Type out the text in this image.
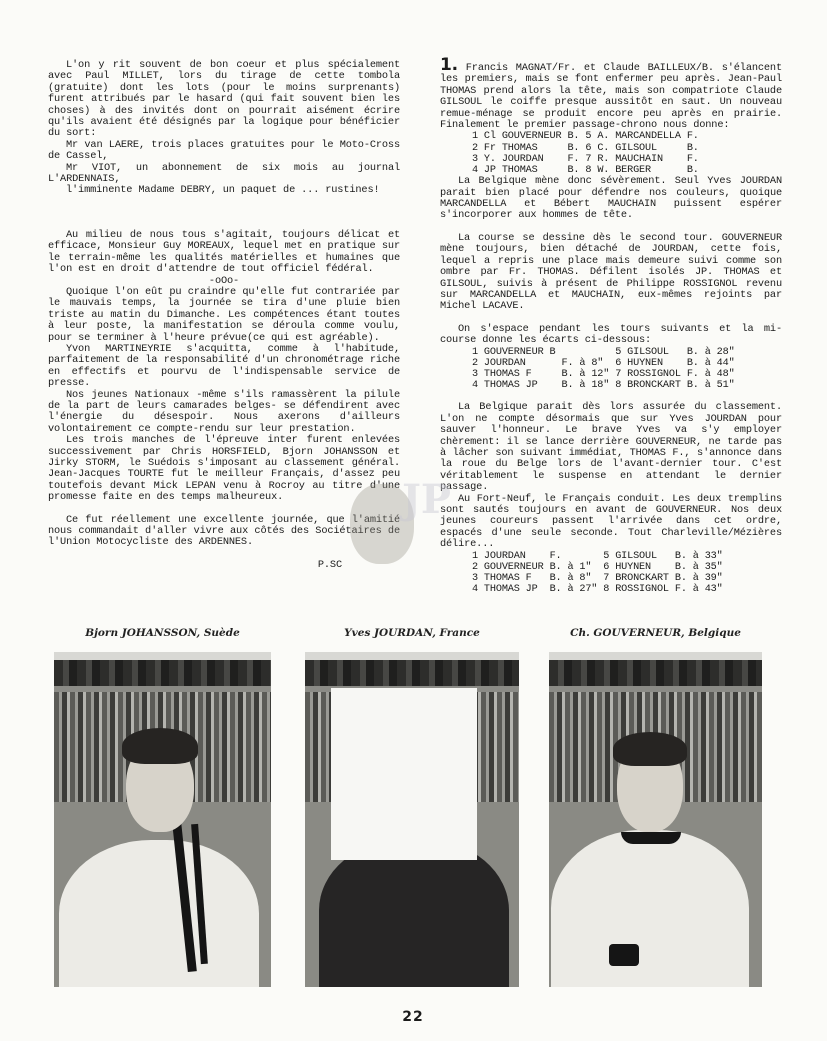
L'on y rit souvent de bon coeur et plus spécialement avec Paul MILLET, lors du tirage de cette tombola (gratuite) dont les lots (pour le moins surprenants) furent attribués par le hasard (qui fait souvent bien les choses) à des invités dont on pourrait aisément écrire qu'ils avaient été désignés par la logique pour bénéficier du sort:

Mr van LAERE, trois places gratuites pour le Moto-Cross de Cassel,

Mr VIOT, un abonnement de six mois au journal L'ARDENNAIS,

l'imminente Madame DEBRY, un paquet de ... rustines!

Au milieu de nous tous s'agitait, toujours délicat et efficace, Monsieur Guy MOREAUX, lequel met en pratique sur le terrain-même les qualités matérielles et humaines que l'on est en droit d'attendre de tout officiel fédéral.

-oOo-

Quoique l'on eût pu craindre qu'elle fut contrariée par le mauvais temps, la journée se tira d'une pluie bien triste au matin du Dimanche. Les compétences étant toutes à leur poste, la manifestation se déroula comme voulu, pour se terminer à l'heure prévue(ce qui est agréable).

Yvon MARTINEYRIE s'acquitta, comme à l'habitude, parfaitement de la responsabilité d'un chronométrage riche en effectifs et pourvu de l'indispensable service de presse.

Nos jeunes Nationaux -même s'ils ramassèrent la pilule de la part de leurs camarades belges- se défendirent avec l'énergie du désespoir. Nous axerons d'ailleurs volontairement ce compte-rendu sur leur prestation.

Les trois manches de l'épreuve inter furent enlevées successivement par Chris HORSFIELD, Bjorn JOHANSSON et Jirky STORM, le Suédois s'imposant au classement général. Jean-Jacques TOURTE fut le meilleur Français, d'assez peu toutefois devant Mick LEPAN venu à Rocroy au titre d'une promesse faite en des temps malheureux.

Ce fut réellement une excellente journée, que l'amitié nous commandait d'aller vivre aux côtés des Sociétaires de l'Union Motocycliste des ARDENNES.

P.SC

1. Francis MAGNAT/Fr. et Claude BAILLEUX/B. s'élancent les premiers, mais se font enfermer peu après. Jean-Paul THOMAS prend alors la tête, mais son compatriote Claude GILSOUL le coiffe presque aussitôt en saut. Un nouveau remue-ménage se produit encore peu après en prairie. Finalement le premier passage-chrono nous donne:

1 Cl GOUVERNEUR	B.	5 A. MARCANDELLA	F.
2 Fr THOMAS	B.	6 C. GILSOUL	B.
3 Y. JOURDAN	F.	7 R. MAUCHAIN	F.
4 JP THOMAS	B.	8 W. BERGER	B.

La Belgique mène donc sévèrement. Seul Yves JOURDAN parait bien placé pour défendre nos couleurs, quoique MARCANDELLA et Bébert MAUCHAIN puissent espérer s'incorporer aux hommes de tête.

La course se dessine dès le second tour. GOUVERNEUR mène toujours, bien détaché de JOURDAN, cette fois, lequel a repris une place mais demeure suivi comme son ombre par Fr. THOMAS. Défilent isolés JP. THOMAS et GILSOUL, suivis à présent de Philippe ROSSIGNOL revenu sur MARCANDELLA et MAUCHAIN, eux-mêmes rejoints par Michel LACAVE.

On s'espace pendant les tours suivants et la mi-course donne les écarts ci-dessous:

1 GOUVERNEUR B		5 GILSOUL	B. à 28"
2 JOURDAN	F. à 8"	6 HUYNEN	B. à 44"
3 THOMAS F	B. à 12"	7 ROSSIGNOL	F. à 48"
4 THOMAS JP	B. à 18"	8 BRONCKART	B. à 51"

La Belgique parait dès lors assurée du classement. L'on ne compte désormais que sur Yves JOURDAN pour sauver l'honneur. Le brave Yves va s'y employer chèrement: il se lance derrière GOUVERNEUR, ne tarde pas à lâcher son suivant immédiat, THOMAS F., s'annonce dans la roue du Belge lors de l'avant-dernier tour. C'est véritablement le suspense en attendant le dernier passage.

Au Fort-Neuf, le Français conduit. Les deux tremplins sont sautés toujours en avant de GOUVERNEUR. Nos deux jeunes coureurs passent l'arrivée dans cet ordre, espacés d'une seule seconde. Tout Charleville/Mézières délire...

1 JOURDAN	F.	5 GILSOUL	B. à 33"
2 GOUVERNEUR	B. à 1"	6 HUYNEN	B. à 35"
3 THOMAS F	B. à 8"	7 BRONCKART	B. à 39"
4 THOMAS JP	B. à 27"	8 ROSSIGNOL	F. à 43"
JP
Bjorn JOHANSSON, Suède	Yves JOURDAN, France	Ch. GOUVERNEUR, Belgique
22
